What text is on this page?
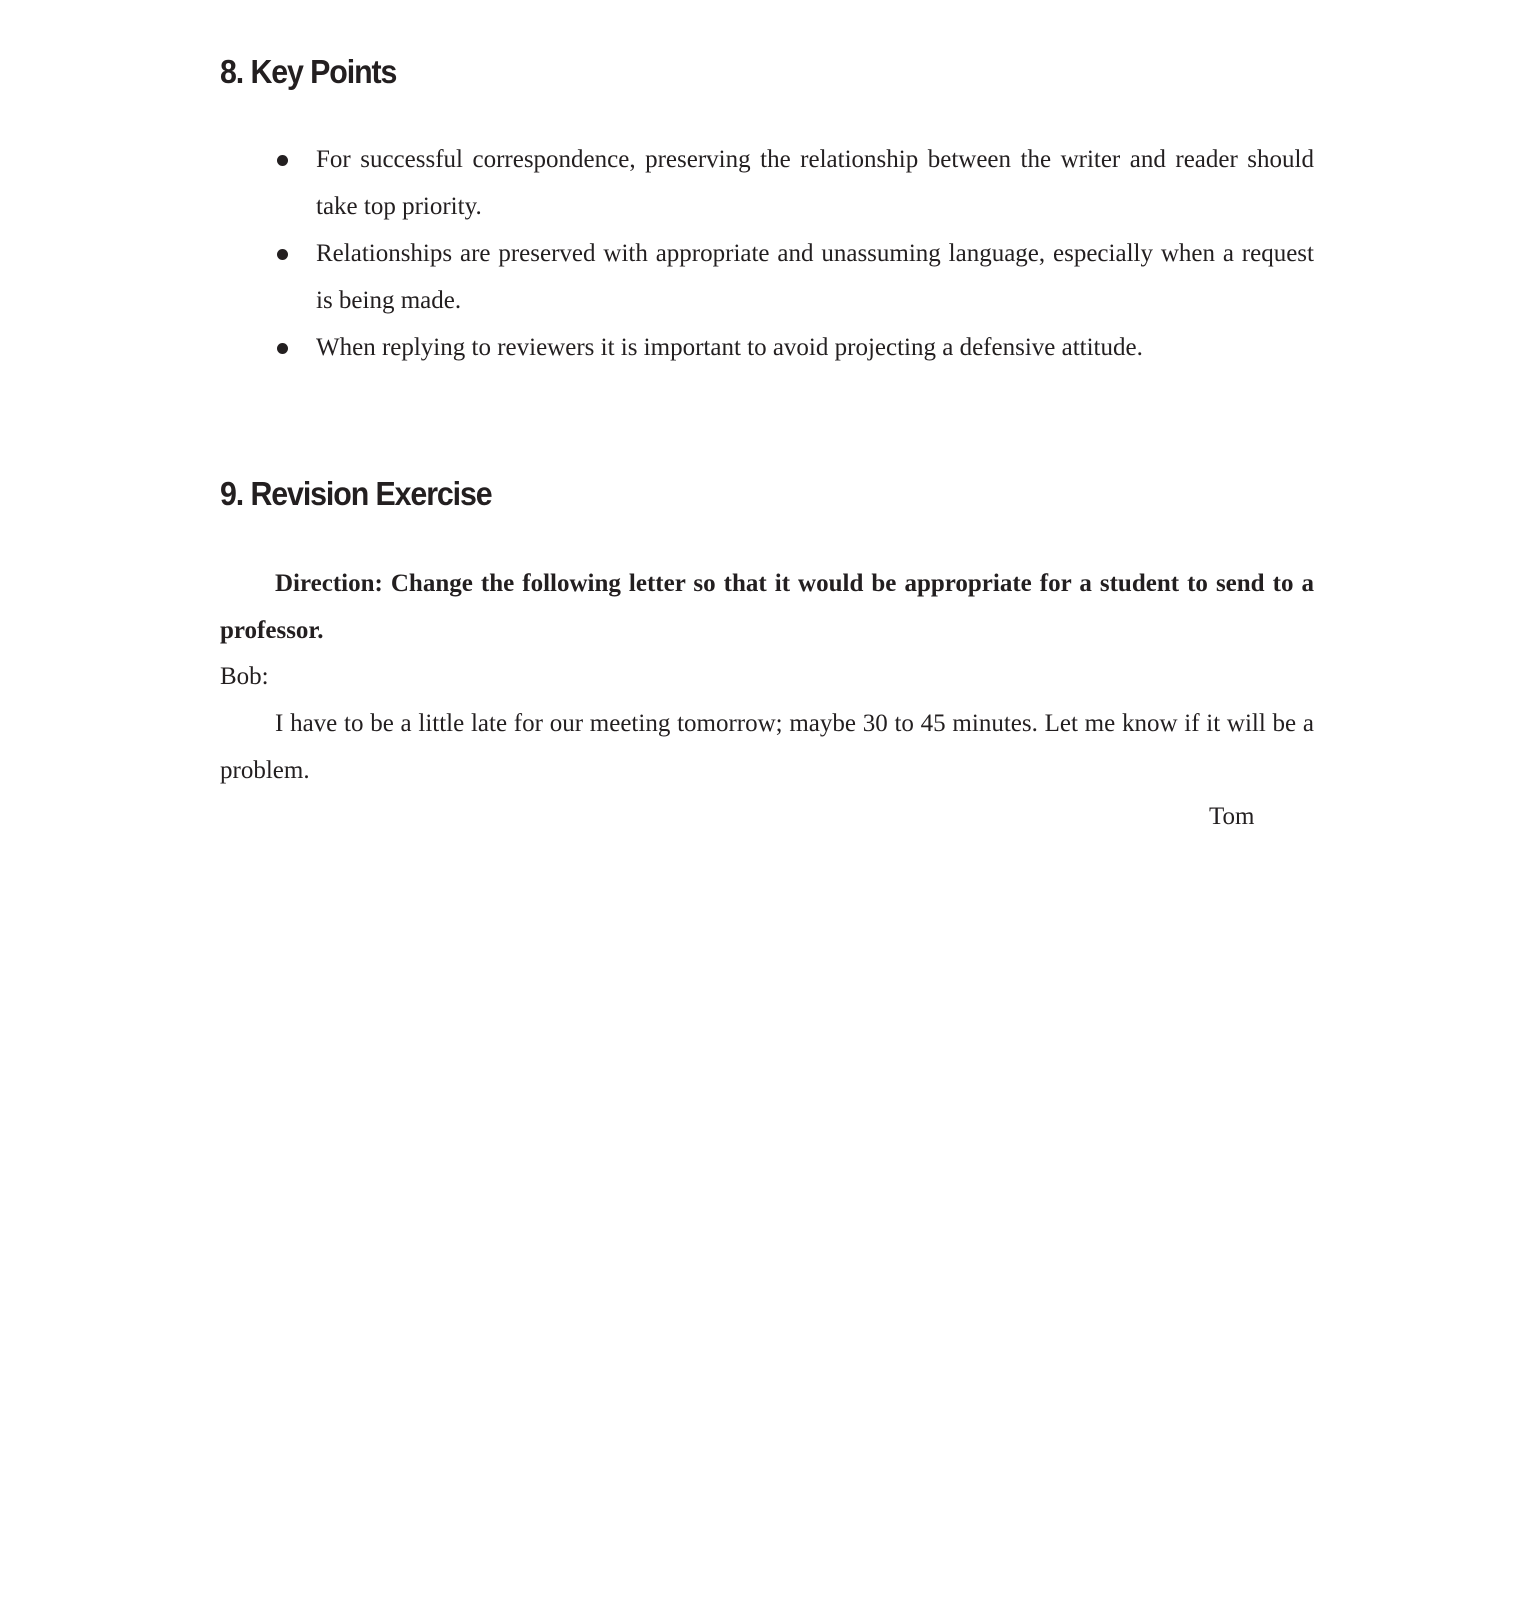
8. Key Points
For successful correspondence, preserving the relationship between the writer and reader should take top priority.
Relationships are preserved with appropriate and unassuming language, especially when a request is being made.
When replying to reviewers it is important to avoid projecting a defensive attitude.
9. Revision Exercise

Direction: Change the following letter so that it would be appropriate for a student to send to a professor.

Bob:

I have to be a little late for our meeting tomorrow; maybe 30 to 45 minutes. Let me know if it will be a problem.

Tom
